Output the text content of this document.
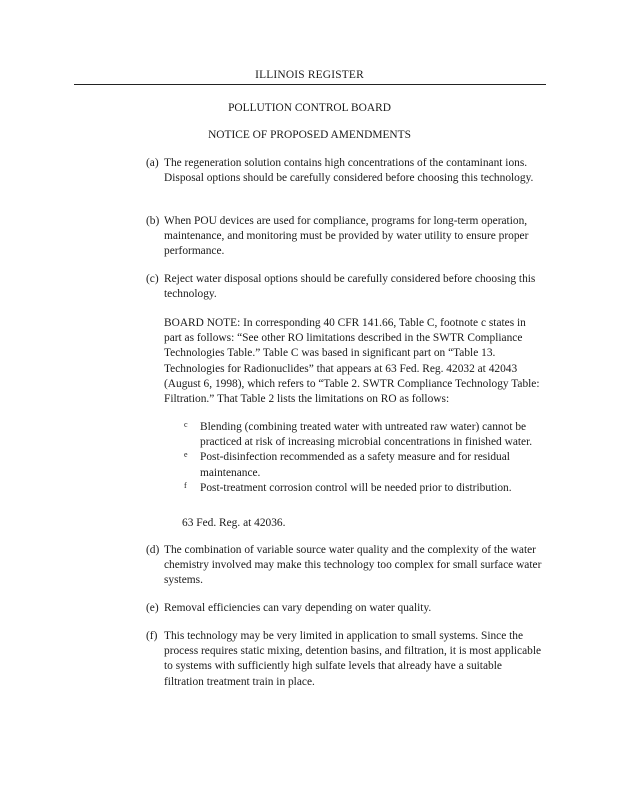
ILLINOIS REGISTER
POLLUTION CONTROL BOARD
NOTICE OF PROPOSED AMENDMENTS
(a) The regeneration solution contains high concentrations of the contaminant ions. Disposal options should be carefully considered before choosing this technology.
(b) When POU devices are used for compliance, programs for long-term operation, maintenance, and monitoring must be provided by water utility to ensure proper performance.
(c) Reject water disposal options should be carefully considered before choosing this technology.
BOARD NOTE: In corresponding 40 CFR 141.66, Table C, footnote c states in part as follows: “See other RO limitations described in the SWTR Compliance Technologies Table.” Table C was based in significant part on “Table 13. Technologies for Radionuclides” that appears at 63 Fed. Reg. 42032 at 42043 (August 6, 1998), which refers to “Table 2. SWTR Compliance Technology Table: Filtration.” That Table 2 lists the limitations on RO as follows:
c Blending (combining treated water with untreated raw water) cannot be practiced at risk of increasing microbial concentrations in finished water.
e Post-disinfection recommended as a safety measure and for residual maintenance.
f Post-treatment corrosion control will be needed prior to distribution.
63 Fed. Reg. at 42036.
(d) The combination of variable source water quality and the complexity of the water chemistry involved may make this technology too complex for small surface water systems.
(e) Removal efficiencies can vary depending on water quality.
(f) This technology may be very limited in application to small systems. Since the process requires static mixing, detention basins, and filtration, it is most applicable to systems with sufficiently high sulfate levels that already have a suitable filtration treatment train in place.
